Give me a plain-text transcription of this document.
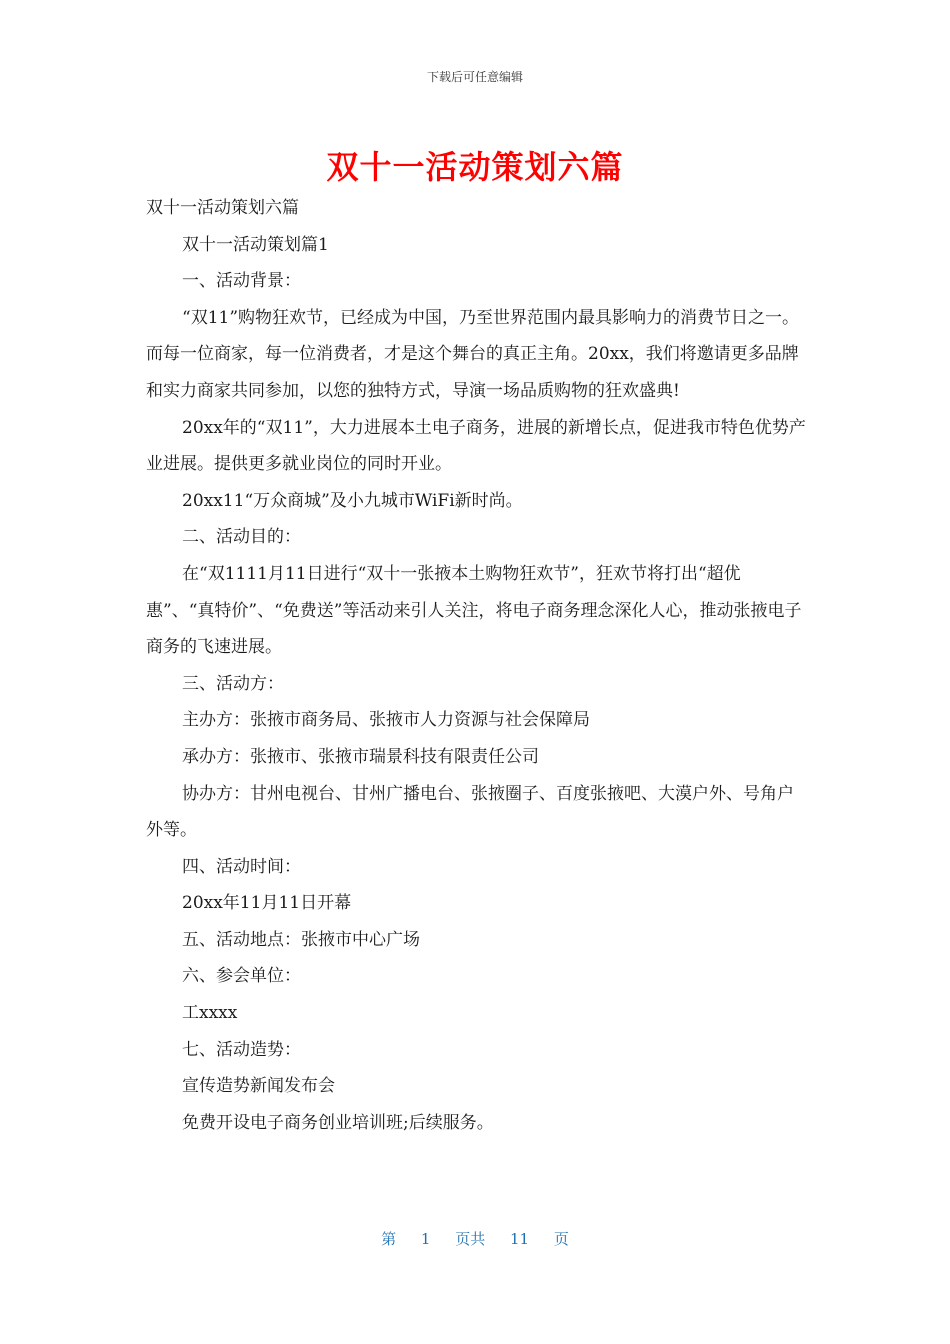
下载后可任意编辑
双十一活动策划六篇

双十一活动策划六篇

双十一活动策划篇1

一、活动背景：

“双11”购物狂欢节，已经成为中国，乃至世界范围内最具影响力的消费节日之一。而每一位商家，每一位消费者，才是这个舞台的真正主角。20xx，我们将邀请更多品牌和实力商家共同参加，以您的独特方式，导演一场品质购物的狂欢盛典!

20xx年的“双11”，大力进展本土电子商务，进展的新增长点，促进我市特色优势产业进展。提供更多就业岗位的同时开业。

20xx11“万众商城”及小九城市WiFi新时尚。

二、活动目的：

在“双1111月11日进行“双十一张掖本土购物狂欢节”，狂欢节将打出“超优惠”、“真特价”、“免费送”等活动来引人关注，将电子商务理念深化人心，推动张掖电子商务的飞速进展。

三、活动方：

主办方：张掖市商务局、张掖市人力资源与社会保障局

承办方：张掖市、张掖市瑞景科技有限责任公司

协办方：甘州电视台、甘州广播电台、张掖圈子、百度张掖吧、大漠户外、号角户外等。

四、活动时间：

20xx年11月11日开幕

五、活动地点：张掖市中心广场

六、参会单位：

工xxxx

七、活动造势：

宣传造势新闻发布会

免费开设电子商务创业培训班;后续服务。

第 1 页共 11 页
